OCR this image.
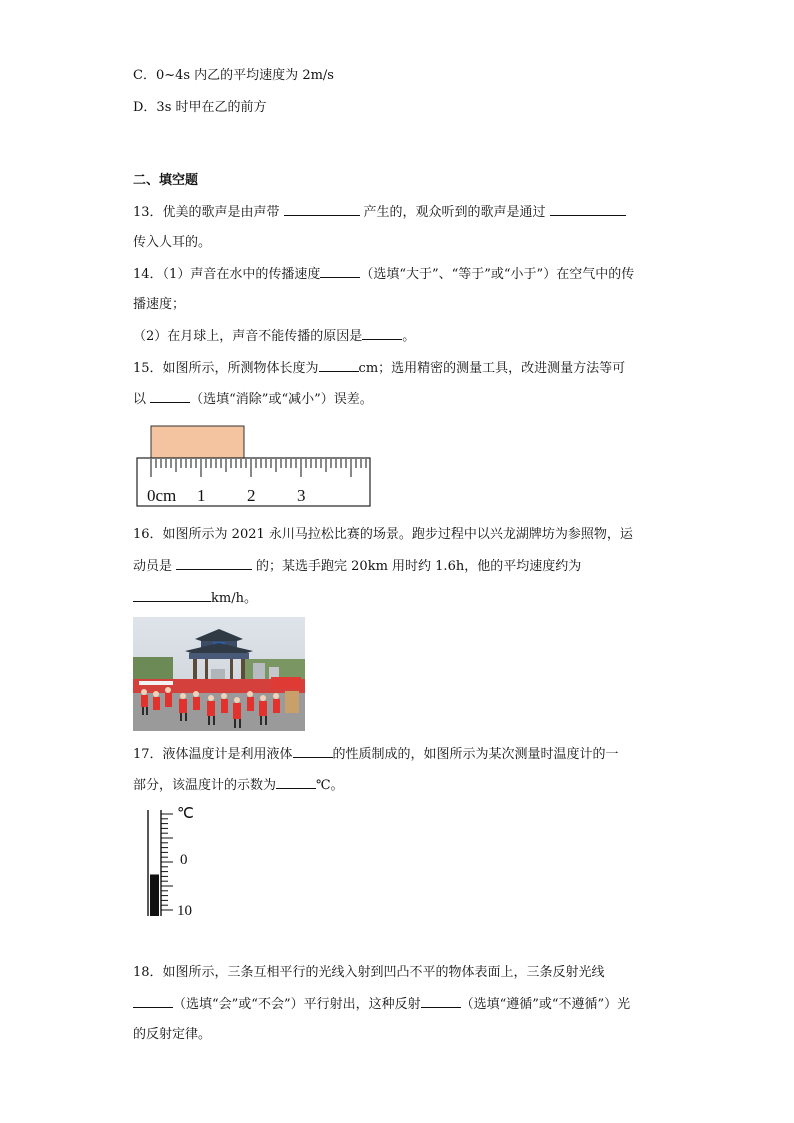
C．0~4s 内乙的平均速度为 2m/s
D．3s 时甲在乙的前方
二、填空题
13．优美的歌声是由声带	产生的，观众听到的歌声是通过
传入人耳的。
14．（1）声音在水中的传播速度	（选填“大于”、“等于”或“小于”）在空气中的传
播速度；
（2）在月球上，声音不能传播的原因是	。
15．如图所示，所测物体长度为	cm；选用精密的测量工具，改进测量方法等可
以	（选填“消除”或“减小”）误差。
0cm 1 2 3
16．如图所示为 2021 永川马拉松比赛的场景。跑步过程中以兴龙湖牌坊为参照物，运
动员是	的；某选手跑完 20km 用时约 1.6h，他的平均速度约为
km/h。
17．液体温度计是利用液体	的性质制成的，如图所示为某次测量时温度计的一
部分，该温度计的示数为	℃。
℃
0
10
18．如图所示，三条互相平行的光线入射到凹凸不平的物体表面上，三条反射光线
（选填“会”或“不会”）平行射出，这种反射	（选填“遵循”或“不遵循”）光
的反射定律。
